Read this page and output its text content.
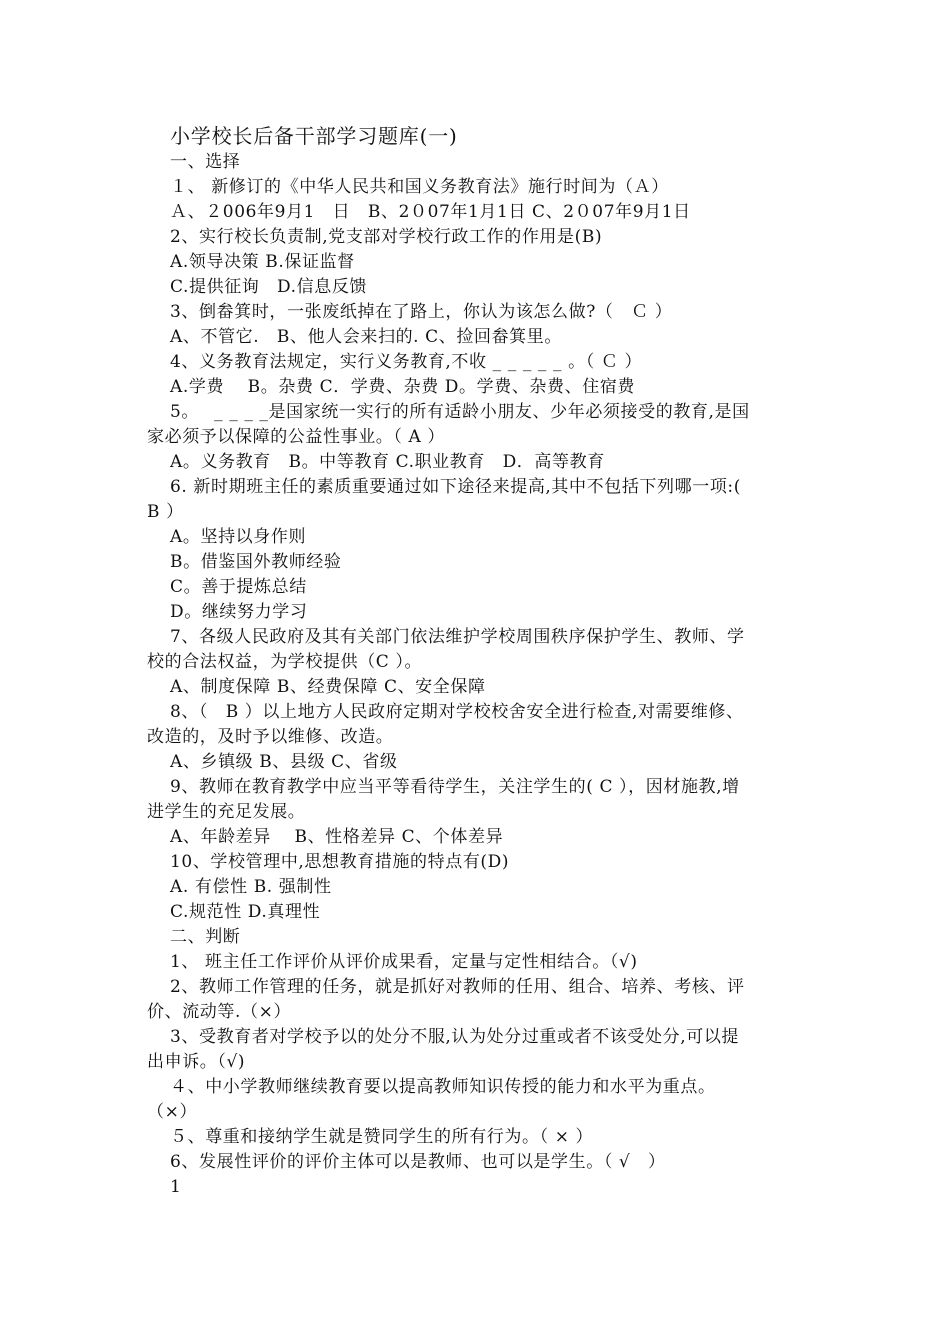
小学校长后备干部学习题库(一)

一、选择

１、 新修订的《中华人民共和国义务教育法》施行时间为（Ａ）

Ａ、２006年9月1　日　B、2０07年1月1日 C、2０07年9月1日

2、实行校长负责制,党支部对学校行政工作的作用是(B)

A.领导决策 B.保证监督

C.提供征询　D.信息反馈

3、倒畚箕时，一张废纸掉在了路上，你认为该怎么做?（　Ｃ ）

A、不管它.　B、他人会来扫的. C、捡回畚箕里。

4、义务教育法规定，实行义务教育,不收 _ _ _ _ _ 。（ Ｃ ）

A.学费　 B。杂费 C．学费、杂费 D。学费、杂费、住宿费

5。　 _ _ _ _是国家统一实行的所有适龄小朋友、少年必须接受的教育,是国

家必须予以保障的公益性事业。（ A ）

A。义务教育　B。中等教育 C.职业教育　D．高等教育

6. 新时期班主任的素质重要通过如下途径来提高,其中不包括下列哪一项:(

B ）

A。坚持以身作则

B。借鉴国外教师经验

C。善于提炼总结

D。继续努力学习

7、各级人民政府及其有关部门依法维护学校周围秩序保护学生、教师、学

校的合法权益，为学校提供（C ）。

A、制度保障 B、经费保障 C、安全保障

8、（　B ）以上地方人民政府定期对学校校舍安全进行检查,对需要维修、

改造的，及时予以维修、改造。

A、乡镇级 B、县级 C、省级

9、教师在教育教学中应当平等看待学生，关注学生的( C ），因材施教,增

进学生的充足发展。

A、年龄差异　 B、性格差异 C、个体差异

10、学校管理中,思想教育措施的特点有(D)

A. 有偿性 B. 强制性

C.规范性 D.真理性

二、判断

1、 班主任工作评价从评价成果看，定量与定性相结合。（√)

2、教师工作管理的任务，就是抓好对教师的任用、组合、培养、考核、评

价、流动等.（×）

3、受教育者对学校予以的处分不服,认为处分过重或者不该受处分,可以提

出申诉。（√)

４、中小学教师继续教育要以提高教师知识传授的能力和水平为重点。

（×）

５、尊重和接纳学生就是赞同学生的所有行为。（ × ）

6、发展性评价的评价主体可以是教师、也可以是学生。（ √　）

1
